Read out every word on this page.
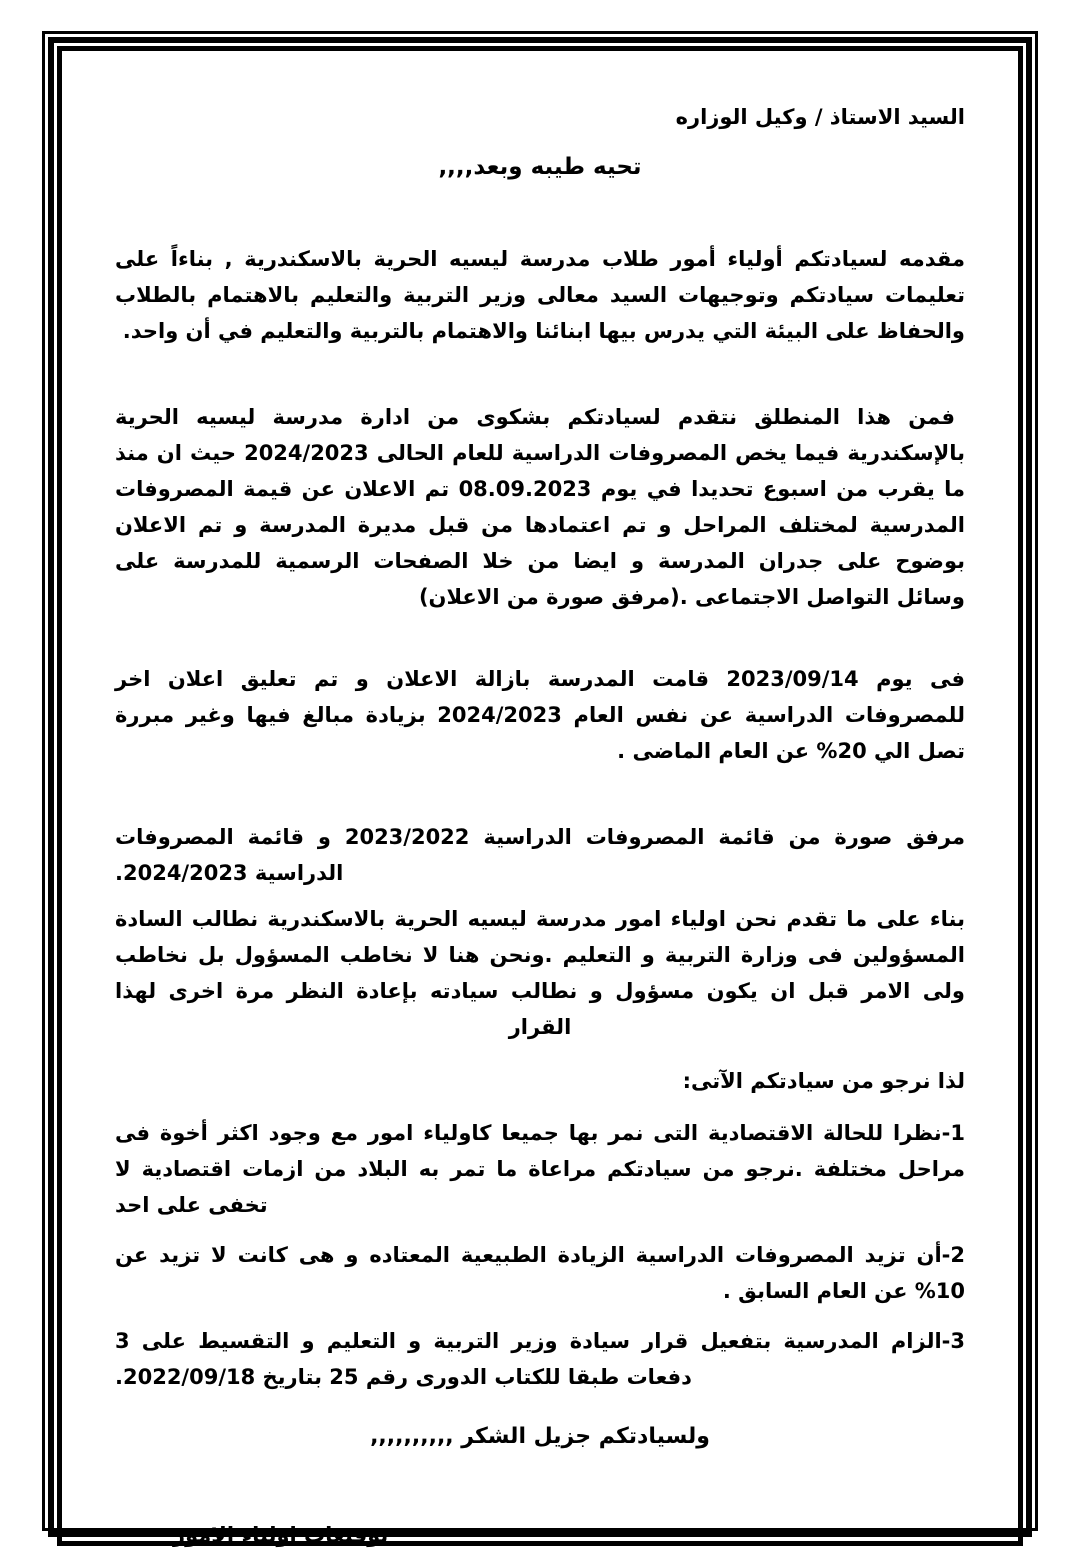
السيد الاستاذ / وكيل الوزاره
تحيه طيبه وبعد,,,,
مقدمه لسيادتكم أولياء أمور طلاب مدرسة ليسيه الحرية بالاسكندرية , بناءاً على تعليمات سيادتكم وتوجيهات السيد معالى وزير التربية والتعليم بالاهتمام بالطلاب والحفاظ على البيئة التي يدرس بيها ابنائنا والاهتمام بالتربية والتعليم في أن واحد.
فمن هذا المنطلق نتقدم لسيادتكم بشكوى من ادارة مدرسة ليسيه الحرية بالإسكندرية فيما يخص المصروفات الدراسية للعام الحالى 2024/2023 حيث ان منذ ما يقرب من اسبوع تحديدا في يوم 08.09.2023 تم الاعلان عن قيمة المصروفات المدرسية لمختلف المراحل و تم اعتمادها من قبل مديرة المدرسة و تم الاعلان بوضوح على جدران المدرسة و ايضا من خلا الصفحات الرسمية للمدرسة على وسائل التواصل الاجتماعى .(مرفق صورة من الاعلان)
فى يوم 2023/09/14 قامت المدرسة بازالة الاعلان و تم تعليق اعلان اخر للمصروفات الدراسية عن نفس العام 2024/2023 بزيادة مبالغ فيها وغير مبررة تصل الي 20% عن العام الماضى .
مرفق صورة من قائمة المصروفات الدراسية 2023/2022 و قائمة المصروفات الدراسية 2024/2023.
بناء على ما تقدم نحن اولياء امور مدرسة ليسيه الحرية بالاسكندرية نطالب السادة المسؤولين فى وزارة التربية و التعليم .ونحن هنا لا نخاطب المسؤول بل نخاطب ولى الامر قبل ان يكون مسؤول و نطالب سيادته بإعادة النظر مرة اخرى لهذا القرار
لذا نرجو من سيادتكم الآتى:
1-نظرا للحالة الاقتصادية التى نمر بها جميعا كاولياء امور مع وجود اكثر أخوة فى مراحل مختلفة .نرجو من سيادتكم مراعاة ما تمر به البلاد من ازمات اقتصادية لا تخفى على احد
2-أن تزيد المصروفات الدراسية الزيادة الطبيعية المعتاده و هى كانت لا تزيد عن 10% عن العام السابق .
3-الزام المدرسية بتفعيل قرار سيادة وزير التربية و التعليم و التقسيط على 3 دفعات طبقا للكتاب الدورى رقم 25 بتاريخ 2022/09/18.
ولسيادتكم جزيل الشكر ,,,,,,,,,,
توقيعات اولياء الامور
